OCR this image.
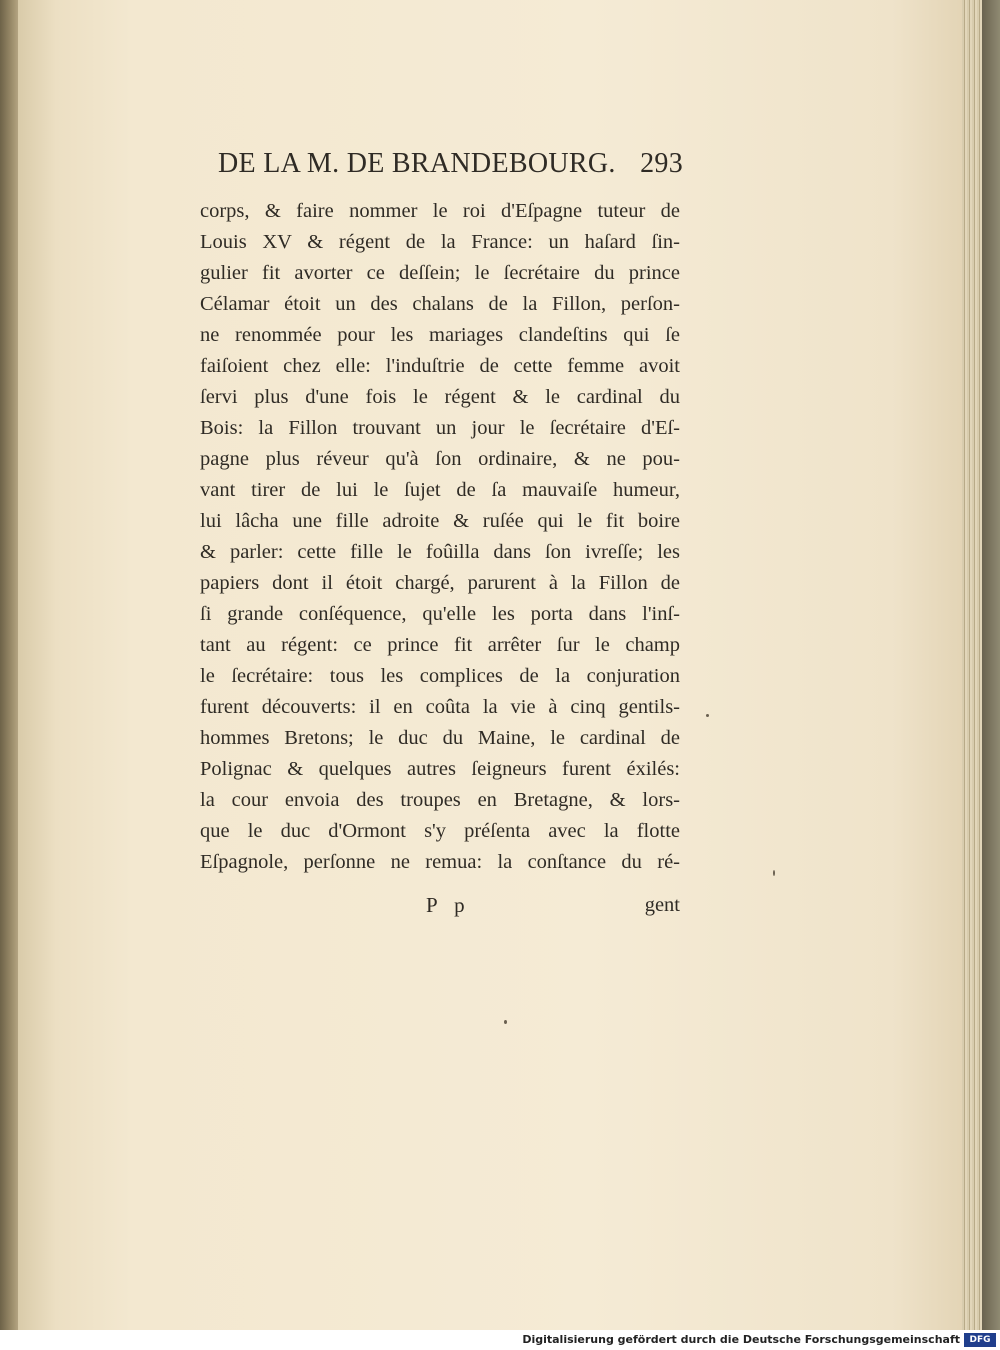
DE LA M. DE BRANDEBOURG. 293
corps, & faire nommer le roi d'Eſpagne tuteur de
Louis XV & régent de la France: un haſard ſin-
gulier fit avorter ce deſſein; le ſecrétaire du prince
Célamar étoit un des chalans de la Fillon, perſon-
ne renommée pour les mariages clandeſtins qui ſe
faiſoient chez elle: l'induſtrie de cette femme avoit
ſervi plus d'une fois le régent & le cardinal du
Bois: la Fillon trouvant un jour le ſecrétaire d'Eſ-
pagne plus réveur qu'à ſon ordinaire, & ne pou-
vant tirer de lui le ſujet de ſa mauvaiſe humeur,
lui lâcha une fille adroite & ruſée qui le fit boire
& parler: cette fille le foûilla dans ſon ivreſſe; les
papiers dont il étoit chargé, parurent à la Fillon de
ſi grande conſéquence, qu'elle les porta dans l'inſ-
tant au régent: ce prince fit arrêter ſur le champ
le ſecrétaire: tous les complices de la conjuration
furent découverts: il en coûta la vie à cinq gentils-
hommes Bretons; le duc du Maine, le cardinal de
Polignac & quelques autres ſeigneurs furent éxilés:
la cour envoia des troupes en Bretagne, & lors-
que le duc d'Ormont s'y préſenta avec la flotte
Eſpagnole, perſonne ne remua: la conſtance du ré-
P p	gent
Digitalisierung gefördert durch die Deutsche Forschungsgemeinschaft	DFG
